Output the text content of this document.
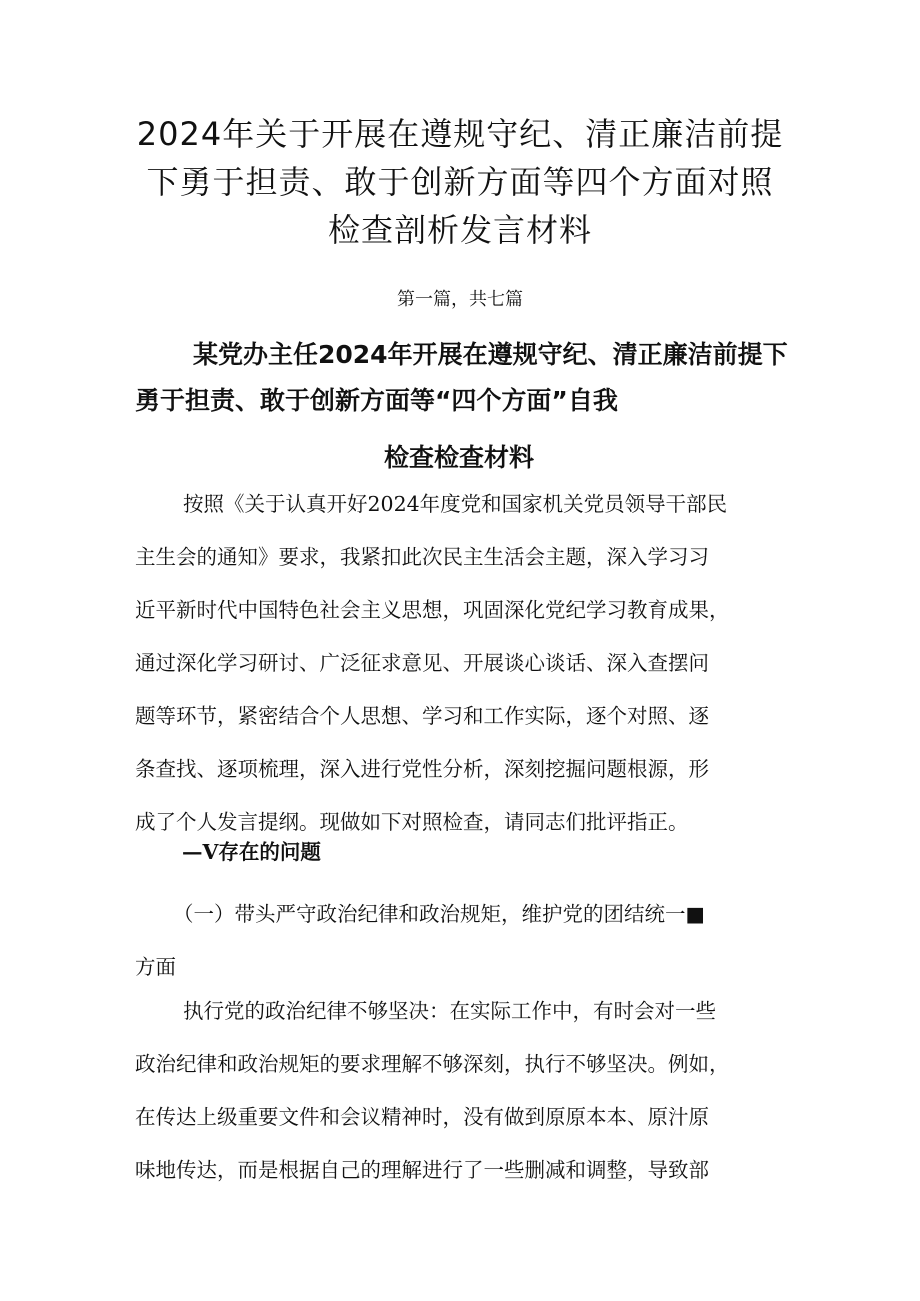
2024年关于开展在遵规守纪、清正廉洁前提
下勇于担责、敢于创新方面等四个方面对照
检查剖析发言材料
第一篇，共七篇
某党办主任2024年开展在遵规守纪、清正廉洁前提下
勇于担责、敢于创新方面等“四个方面”自我
检查检查材料
按照《关于认真开好2024年度党和国家机关党员领导干部民
主生会的通知》要求，我紧扣此次民主生活会主题，深入学习习
近平新时代中国特色社会主义思想，巩固深化党纪学习教育成果，
通过深化学习研讨、广泛征求意见、开展谈心谈话、深入查摆问
题等环节，紧密结合个人思想、学习和工作实际，逐个对照、逐
条查找、逐项梳理，深入进行党性分析，深刻挖掘问题根源，形
成了个人发言提纲。现做如下对照检查，请同志们批评指正。
—V存在的问题
（一）带头严守政治纪律和政治规矩，维护党的团结统一■
方面
执行党的政治纪律不够坚决：在实际工作中，有时会对一些
政治纪律和政治规矩的要求理解不够深刻，执行不够坚决。例如，
在传达上级重要文件和会议精神时，没有做到原原本本、原汁原
味地传达，而是根据自己的理解进行了一些删减和调整，导致部
